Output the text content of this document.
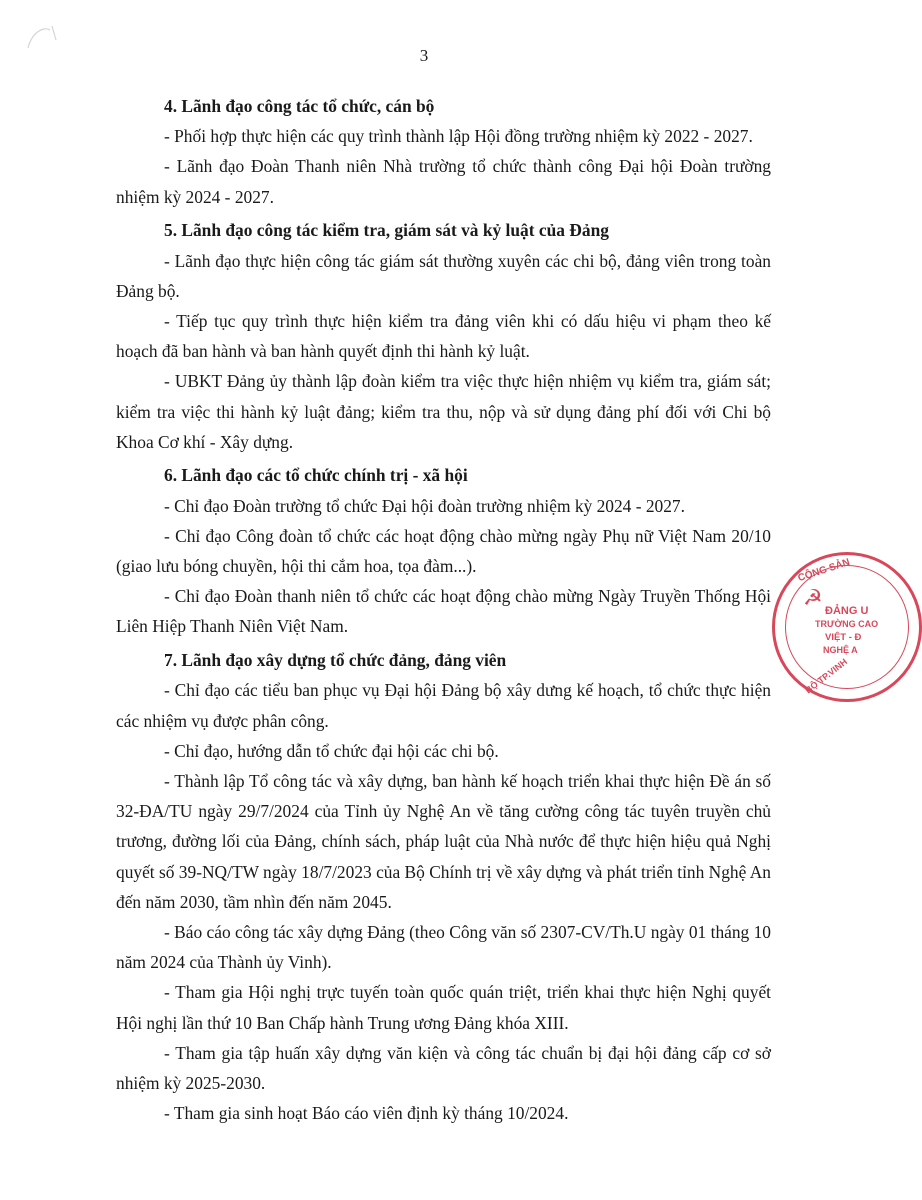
3
4. Lãnh đạo công tác tổ chức, cán bộ

- Phối hợp thực hiện các quy trình thành lập Hội đồng trường nhiệm kỳ 2022 - 2027.

- Lãnh đạo Đoàn Thanh niên Nhà trường tổ chức thành công Đại hội Đoàn trường nhiệm kỳ 2024 - 2027.

5. Lãnh đạo công tác kiểm tra, giám sát và kỷ luật của Đảng

- Lãnh đạo thực hiện công tác giám sát thường xuyên các chi bộ, đảng viên trong toàn Đảng bộ.

- Tiếp tục quy trình thực hiện kiểm tra đảng viên khi có dấu hiệu vi phạm theo kế hoạch đã ban hành và ban hành quyết định thi hành kỷ luật.

- UBKT Đảng ủy thành lập đoàn kiểm tra việc thực hiện nhiệm vụ kiểm tra, giám sát; kiểm tra việc thi hành kỷ luật đảng; kiểm tra thu, nộp và sử dụng đảng phí đối với Chi bộ Khoa Cơ khí - Xây dựng.

6. Lãnh đạo các tổ chức chính trị - xã hội

- Chỉ đạo Đoàn trường tổ chức Đại hội đoàn trường nhiệm kỳ 2024 - 2027.

- Chỉ đạo Công đoàn tổ chức các hoạt động chào mừng ngày Phụ nữ Việt Nam 20/10 (giao lưu bóng chuyền, hội thi cắm hoa, tọa đàm...).

- Chỉ đạo Đoàn thanh niên tổ chức các hoạt động chào mừng Ngày Truyền Thống Hội Liên Hiệp Thanh Niên Việt Nam.

7. Lãnh đạo xây dựng tổ chức đảng, đảng viên

- Chỉ đạo các tiểu ban phục vụ Đại hội Đảng bộ xây dưng kế hoạch, tổ chức thực hiện các nhiệm vụ được phân công.

- Chỉ đạo, hướng dẫn tổ chức đại hội các chi bộ.

- Thành lập Tổ công tác và xây dựng, ban hành kế hoạch triển khai thực hiện Đề án số 32-ĐA/TU ngày 29/7/2024 của Tỉnh ủy Nghệ An về tăng cường công tác tuyên truyền chủ trương, đường lối của Đảng, chính sách, pháp luật của Nhà nước để thực hiện hiệu quả Nghị quyết số 39-NQ/TW ngày 18/7/2023 của Bộ Chính trị về xây dựng và phát triển tỉnh Nghệ An đến năm 2030, tầm nhìn đến năm 2045.

- Báo cáo công tác xây dựng Đảng (theo Công văn số 2307-CV/Th.U ngày 01 tháng 10 năm 2024 của Thành ủy Vinh).

- Tham gia Hội nghị trực tuyến toàn quốc quán triệt, triển khai thực hiện Nghị quyết Hội nghị lần thứ 10 Ban Chấp hành Trung ương Đảng khóa XIII.

- Tham gia tập huấn xây dựng văn kiện và công tác chuẩn bị đại hội đảng cấp cơ sở nhiệm kỳ 2025-2030.

- Tham gia sinh hoạt Báo cáo viên định kỳ tháng 10/2024.

CỘNG SẢN
☭
ĐẢNG U
TRƯỜNG CAO
VIỆT - Đ
NGHỆ A
BỘ TP.VINH
